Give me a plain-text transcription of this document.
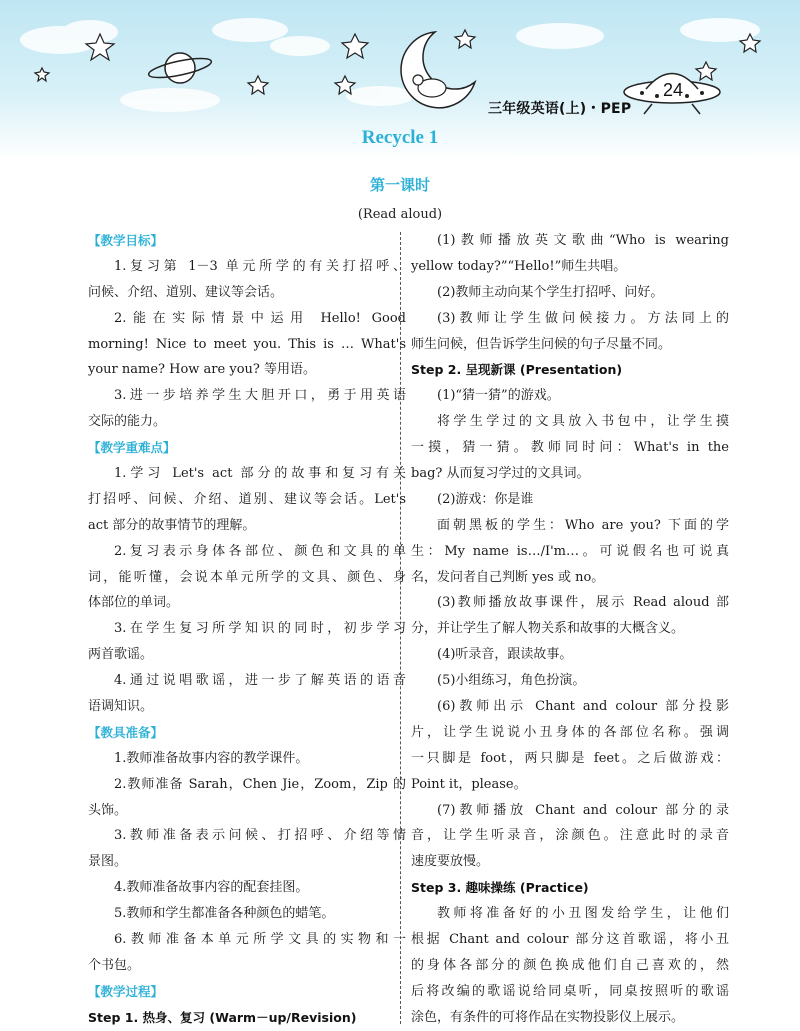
三年级英语(上)・PEP
24
Recycle 1
第一课时
(Read aloud)
【教学目标】
1.复习第 1－3 单元所学的有关打招呼、
问候、介绍、道别、建议等会话。
2.能在实际情景中运用 Hello! Good
morning! Nice to meet you. This is … What's
your name? How are you? 等用语。
3.进一步培养学生大胆开口，勇于用英语
交际的能力。
【教学重难点】
1.学习 Let's act 部分的故事和复习有关
打招呼、问候、介绍、道别、建议等会话。Let's
act 部分的故事情节的理解。
2.复习表示身体各部位、颜色和文具的单
词，能听懂，会说本单元所学的文具、颜色、身
体部位的单词。
3.在学生复习所学知识的同时，初步学习
两首歌谣。
4.通过说唱歌谣，进一步了解英语的语音
语调知识。
【教具准备】
1.教师准备故事内容的教学课件。
2.教师准备 Sarah，Chen Jie，Zoom，Zip 的
头饰。
3.教师准备表示问候、打招呼、介绍等情
景图。
4.教师准备故事内容的配套挂图。
5.教师和学生都准备各种颜色的蜡笔。
6.教师准备本单元所学文具的实物和一
个书包。
【教学过程】
Step 1. 热身、复习 (Warm－up/Revision)
(1)教师播放英文歌曲“Who is wearing
yellow today?”“Hello!”师生共唱。
(2)教师主动向某个学生打招呼、问好。
(3)教师让学生做问候接力。方法同上的
师生问候，但告诉学生问候的句子尽量不同。
Step 2. 呈现新课 (Presentation)
(1)“猜一猜”的游戏。
将学生学过的文具放入书包中，让学生摸
一摸，猜一猜。教师同时问：What's in the
bag? 从而复习学过的文具词。
(2)游戏：你是谁
面朝黑板的学生：Who are you? 下面的学
生：My name is…/I'm…。可说假名也可说真
名，发问者自己判断 yes 或 no。
(3)教师播放故事课件，展示 Read aloud 部
分，并让学生了解人物关系和故事的大概含义。
(4)听录音，跟读故事。
(5)小组练习，角色扮演。
(6)教师出示 Chant and colour 部分投影
片，让学生说说小丑身体的各部位名称。强调
一只脚是 foot，两只脚是 feet。之后做游戏：
Point it，please。
(7)教师播放 Chant and colour 部分的录
音，让学生听录音，涂颜色。注意此时的录音
速度要放慢。
Step 3. 趣味操练 (Practice)
教师将准备好的小丑图发给学生，让他们
根据 Chant and colour 部分这首歌谣，将小丑
的身体各部分的颜色换成他们自己喜欢的，然
后将改编的歌谣说给同桌听，同桌按照听的歌谣
涂色，有条件的可将作品在实物投影仪上展示。
